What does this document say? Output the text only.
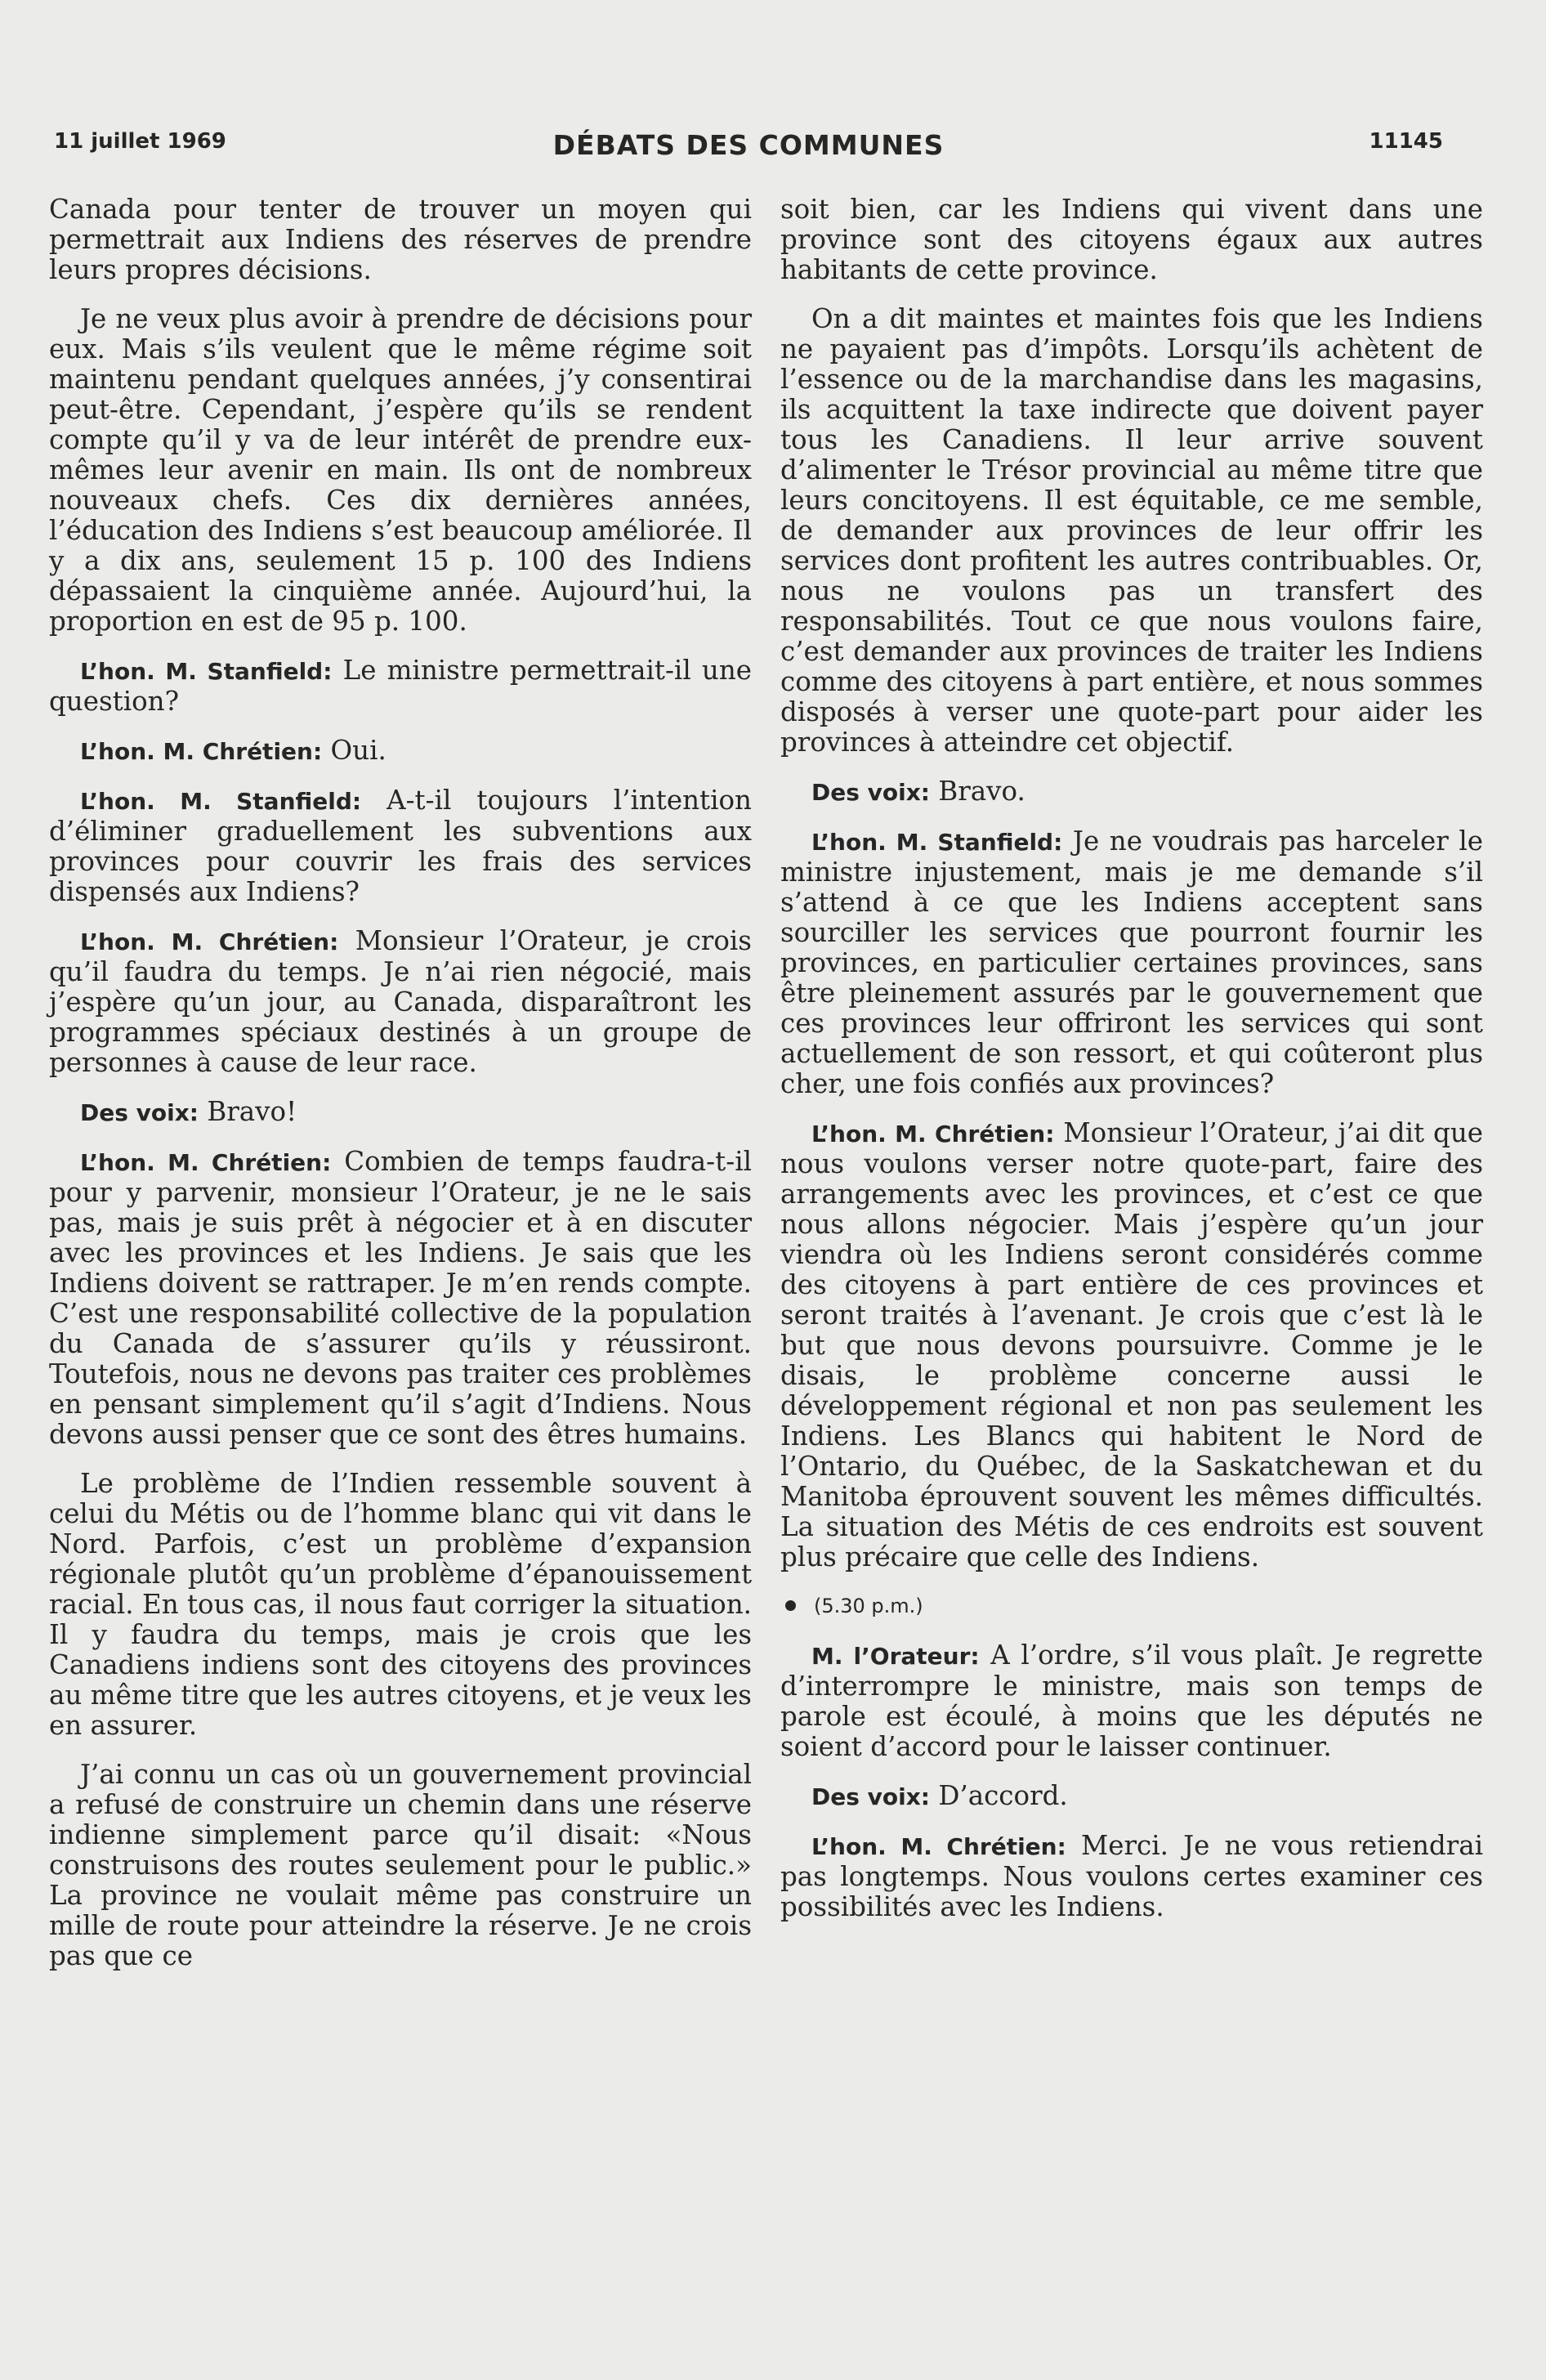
11 juillet 1969	DÉBATS DES COMMUNES	11145

Canada pour tenter de trouver un moyen qui permettrait aux Indiens des réserves de prendre leurs propres décisions.

Je ne veux plus avoir à prendre de décisions pour eux. Mais s’ils veulent que le même régime soit maintenu pendant quelques années, j’y consentirai peut-être. Cependant, j’espère qu’ils se rendent compte qu’il y va de leur intérêt de prendre eux-mêmes leur avenir en main. Ils ont de nombreux nouveaux chefs. Ces dix dernières années, l’éducation des Indiens s’est beaucoup améliorée. Il y a dix ans, seulement 15 p. 100 des Indiens dépassaient la cinquième année. Aujourd’hui, la proportion en est de 95 p. 100.

L’hon. M. Stanfield: Le ministre permettrait-il une question?

L’hon. M. Chrétien: Oui.

L’hon. M. Stanfield: A-t-il toujours l’intention d’éliminer graduellement les subventions aux provinces pour couvrir les frais des services dispensés aux Indiens?

L’hon. M. Chrétien: Monsieur l’Orateur, je crois qu’il faudra du temps. Je n’ai rien négocié, mais j’espère qu’un jour, au Canada, disparaîtront les programmes spéciaux destinés à un groupe de personnes à cause de leur race.

Des voix: Bravo!

L’hon. M. Chrétien: Combien de temps faudra-t-il pour y parvenir, monsieur l’Orateur, je ne le sais pas, mais je suis prêt à négocier et à en discuter avec les provinces et les Indiens. Je sais que les Indiens doivent se rattraper. Je m’en rends compte. C’est une responsabilité collective de la population du Canada de s’assurer qu’ils y réussiront. Toutefois, nous ne devons pas traiter ces problèmes en pensant simplement qu’il s’agit d’Indiens. Nous devons aussi penser que ce sont des êtres humains.

Le problème de l’Indien ressemble souvent à celui du Métis ou de l’homme blanc qui vit dans le Nord. Parfois, c’est un problème d’expansion régionale plutôt qu’un problème d’épanouissement racial. En tous cas, il nous faut corriger la situation. Il y faudra du temps, mais je crois que les Canadiens indiens sont des citoyens des provinces au même titre que les autres citoyens, et je veux les en assurer.

J’ai connu un cas où un gouvernement provincial a refusé de construire un chemin dans une réserve indienne simplement parce qu’il disait: «Nous construisons des routes seulement pour le public.» La province ne voulait même pas construire un mille de route pour atteindre la réserve. Je ne crois pas que ce

soit bien, car les Indiens qui vivent dans une province sont des citoyens égaux aux autres habitants de cette province.

On a dit maintes et maintes fois que les Indiens ne payaient pas d’impôts. Lorsqu’ils achètent de l’essence ou de la marchandise dans les magasins, ils acquittent la taxe indirecte que doivent payer tous les Canadiens. Il leur arrive souvent d’alimenter le Trésor provincial au même titre que leurs concitoyens. Il est équitable, ce me semble, de demander aux provinces de leur offrir les services dont profitent les autres contribuables. Or, nous ne voulons pas un transfert des responsabilités. Tout ce que nous voulons faire, c’est demander aux provinces de traiter les Indiens comme des citoyens à part entière, et nous sommes disposés à verser une quote-part pour aider les provinces à atteindre cet objectif.

Des voix: Bravo.

L’hon. M. Stanfield: Je ne voudrais pas harceler le ministre injustement, mais je me demande s’il s’attend à ce que les Indiens acceptent sans sourciller les services que pourront fournir les provinces, en particulier certaines provinces, sans être pleinement assurés par le gouvernement que ces provinces leur offriront les services qui sont actuellement de son ressort, et qui coûteront plus cher, une fois confiés aux provinces?

L’hon. M. Chrétien: Monsieur l’Orateur, j’ai dit que nous voulons verser notre quote-part, faire des arrangements avec les provinces, et c’est ce que nous allons négocier. Mais j’espère qu’un jour viendra où les Indiens seront considérés comme des citoyens à part entière de ces provinces et seront traités à l’avenant. Je crois que c’est là le but que nous devons poursuivre. Comme je le disais, le problème concerne aussi le développement régional et non pas seulement les Indiens. Les Blancs qui habitent le Nord de l’Ontario, du Québec, de la Saskatchewan et du Manitoba éprouvent souvent les mêmes difficultés. La situation des Métis de ces endroits est souvent plus précaire que celle des Indiens.

(5.30 p.m.)

M. l’Orateur: A l’ordre, s’il vous plaît. Je regrette d’interrompre le ministre, mais son temps de parole est écoulé, à moins que les députés ne soient d’accord pour le laisser continuer.

Des voix: D’accord.

L’hon. M. Chrétien: Merci. Je ne vous retiendrai pas longtemps. Nous voulons certes examiner ces possibilités avec les Indiens.
